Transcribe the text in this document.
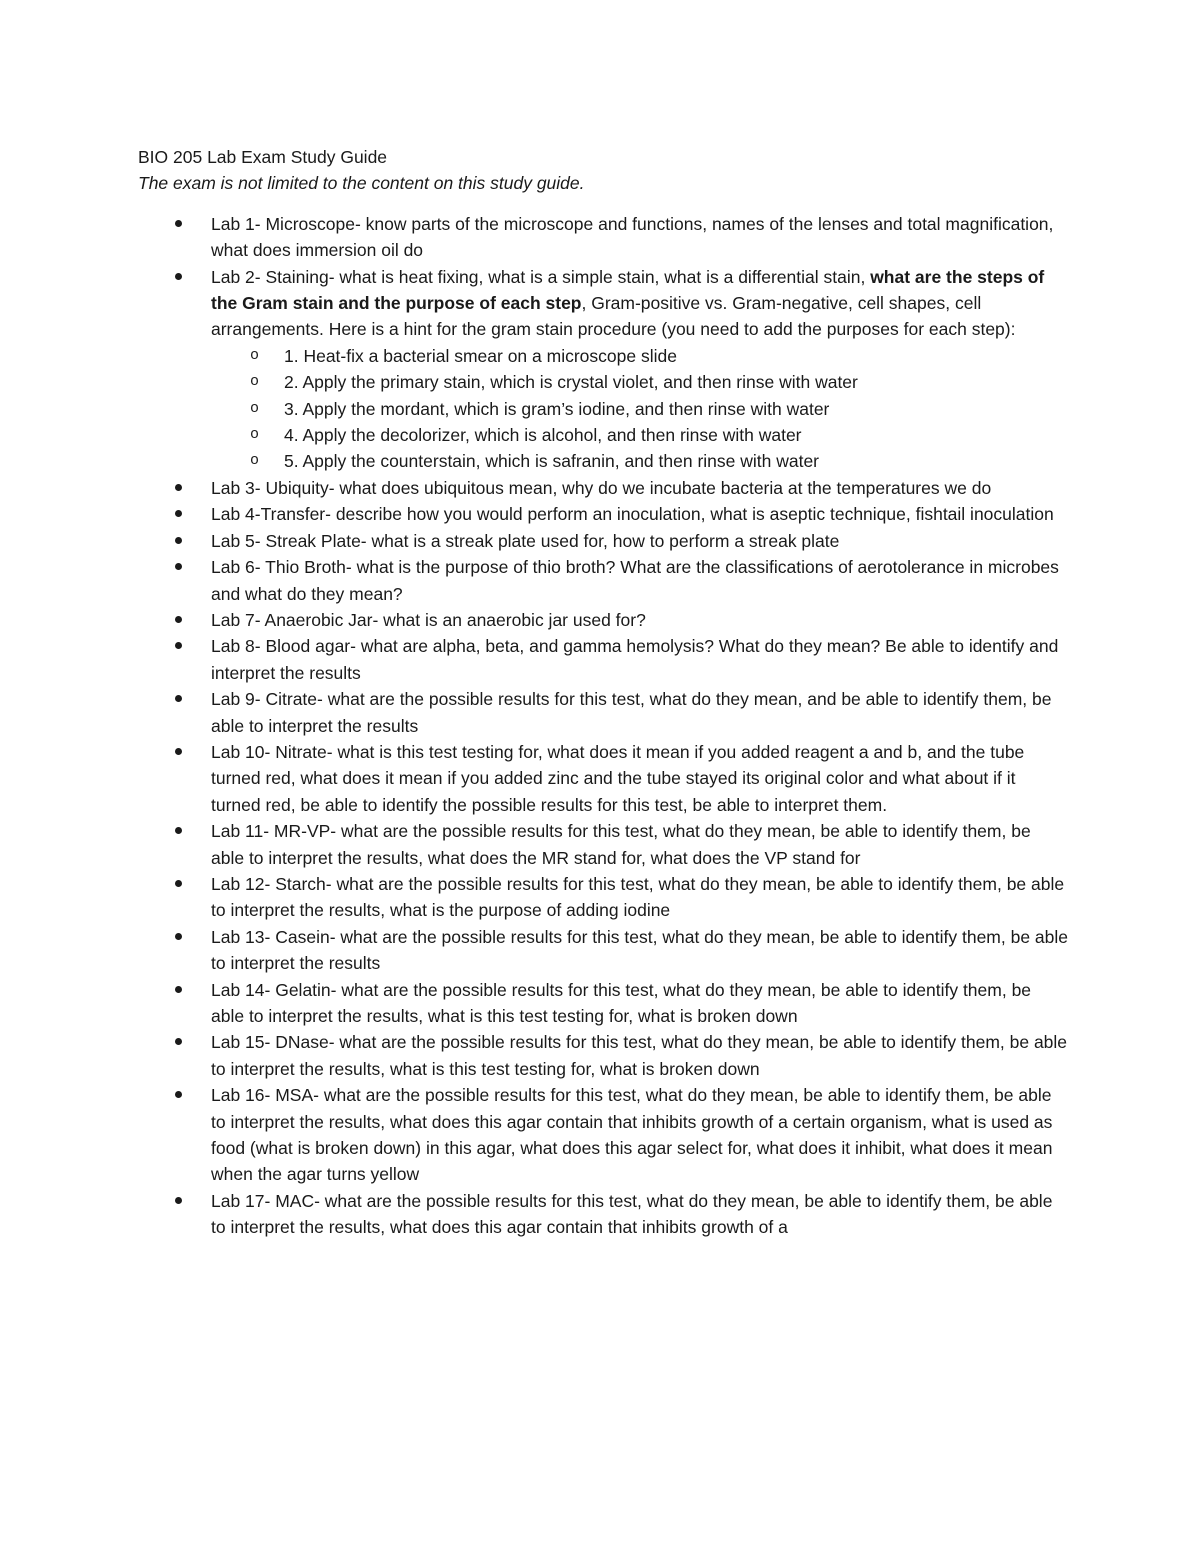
BIO 205 Lab Exam Study Guide

The exam is not limited to the content on this study guide.

Lab 1- Microscope- know parts of the microscope and functions, names of the lenses and total magnification, what does immersion oil do
Lab 2- Staining- what is heat fixing, what is a simple stain, what is a differential stain, what are the steps of the Gram stain and the purpose of each step, Gram-positive vs. Gram-negative, cell shapes, cell arrangements. Here is a hint for the gram stain procedure (you need to add the purposes for each step):
o 1. Heat-fix a bacterial smear on a microscope slide
o 2. Apply the primary stain, which is crystal violet, and then rinse with water
o 3. Apply the mordant, which is gram’s iodine, and then rinse with water
o 4. Apply the decolorizer, which is alcohol, and then rinse with water
o 5. Apply the counterstain, which is safranin, and then rinse with water
Lab 3- Ubiquity- what does ubiquitous mean, why do we incubate bacteria at the temperatures we do
Lab 4-Transfer- describe how you would perform an inoculation, what is aseptic technique, fishtail inoculation
Lab 5- Streak Plate- what is a streak plate used for, how to perform a streak plate
Lab 6- Thio Broth- what is the purpose of thio broth? What are the classifications of aerotolerance in microbes and what do they mean?
Lab 7- Anaerobic Jar- what is an anaerobic jar used for?
Lab 8- Blood agar- what are alpha, beta, and gamma hemolysis? What do they mean? Be able to identify and interpret the results
Lab 9- Citrate- what are the possible results for this test, what do they mean, and be able to identify them, be able to interpret the results
Lab 10- Nitrate- what is this test testing for, what does it mean if you added reagent a and b, and the tube turned red, what does it mean if you added zinc and the tube stayed its original color and what about if it turned red, be able to identify the possible results for this test, be able to interpret them.
Lab 11- MR-VP- what are the possible results for this test, what do they mean, be able to identify them, be able to interpret the results, what does the MR stand for, what does the VP stand for
Lab 12- Starch- what are the possible results for this test, what do they mean, be able to identify them, be able to interpret the results, what is the purpose of adding iodine
Lab 13- Casein- what are the possible results for this test, what do they mean, be able to identify them, be able to interpret the results
Lab 14- Gelatin- what are the possible results for this test, what do they mean, be able to identify them, be able to interpret the results, what is this test testing for, what is broken down
Lab 15- DNase- what are the possible results for this test, what do they mean, be able to identify them, be able to interpret the results, what is this test testing for, what is broken down
Lab 16- MSA- what are the possible results for this test, what do they mean, be able to identify them, be able to interpret the results, what does this agar contain that inhibits growth of a certain organism, what is used as food (what is broken down) in this agar, what does this agar select for, what does it inhibit, what does it mean when the agar turns yellow
Lab 17- MAC- what are the possible results for this test, what do they mean, be able to identify them, be able to interpret the results, what does this agar contain that inhibits growth of a
